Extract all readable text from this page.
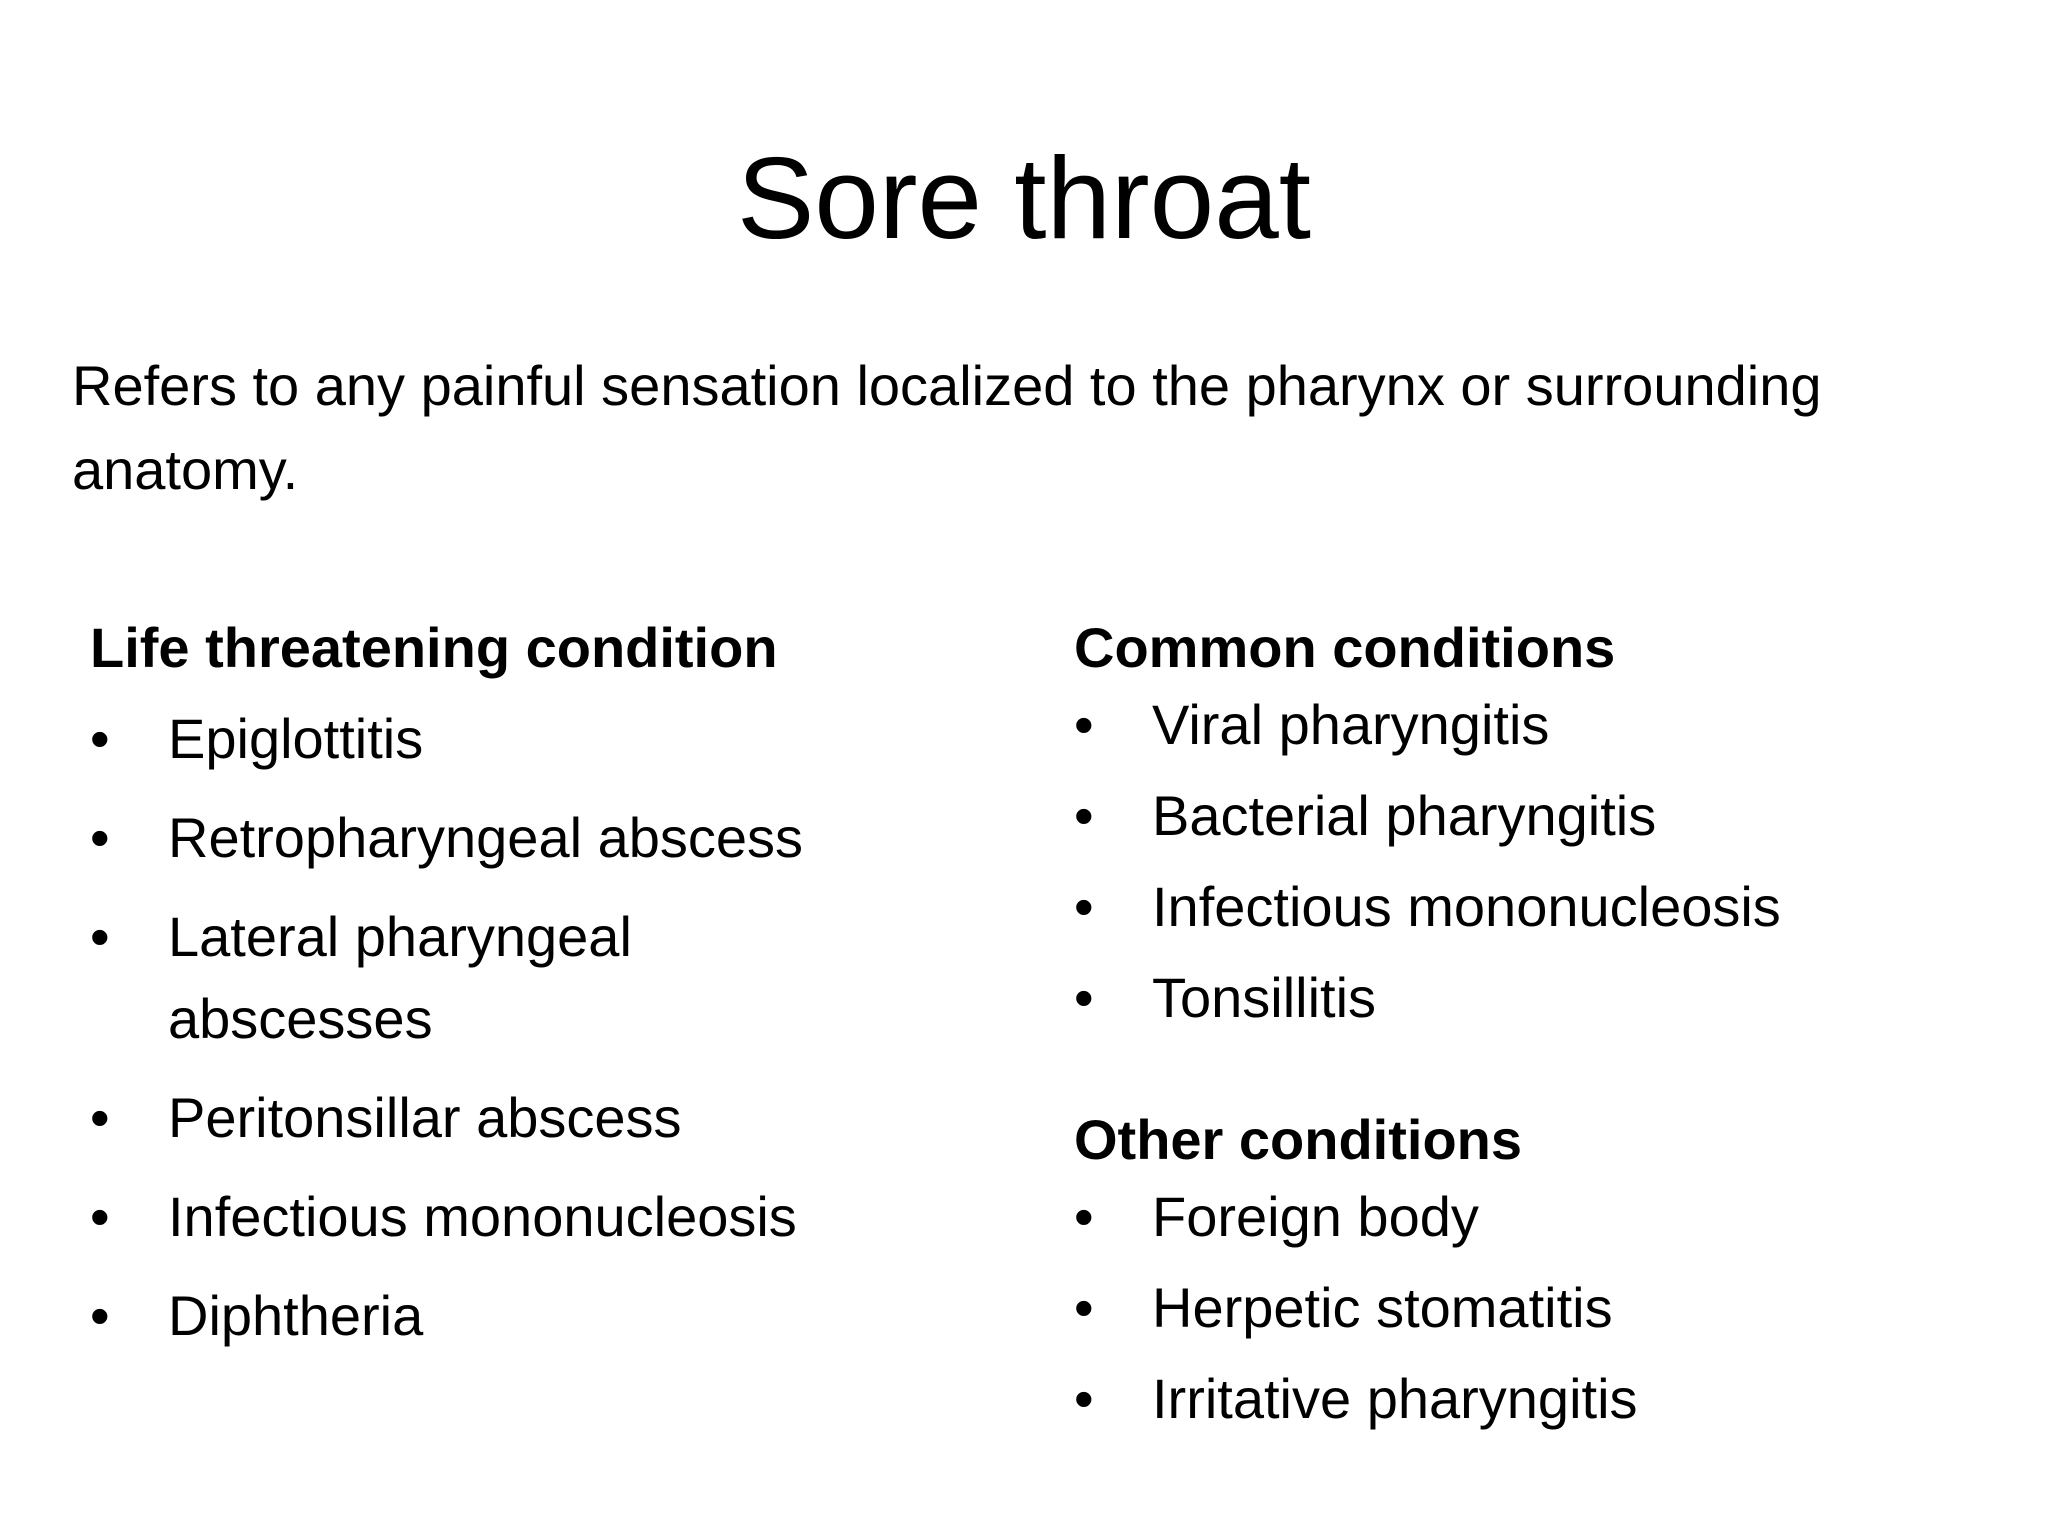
Sore throat

Refers to any painful sensation localized to the pharynx or surrounding anatomy.

Life threatening condition

• Epiglottitis
• Retropharyngeal abscess
• Lateral pharyngeal abscesses
• Peritonsillar abscess
• Infectious mononucleosis
• Diphtheria

Common conditions

• Viral pharyngitis
• Bacterial pharyngitis
• Infectious mononucleosis
• Tonsillitis

Other conditions

• Foreign body
• Herpetic stomatitis
• Irritative pharyngitis
